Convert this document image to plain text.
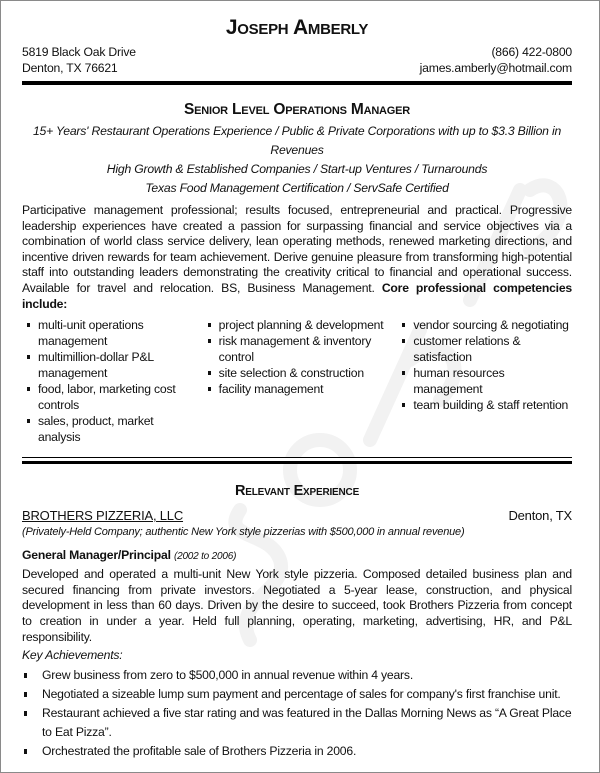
Joseph Amberly
5819 Black Oak Drive
Denton, TX 76621
(866) 422-0800
james.amberly@hotmail.com
Senior Level Operations Manager
15+ Years' Restaurant Operations Experience / Public & Private Corporations with up to $3.3 Billion in Revenues
High Growth & Established Companies / Start-up Ventures / Turnarounds
Texas Food Management Certification / ServSafe Certified
Participative management professional; results focused, entrepreneurial and practical. Progressive leadership experiences have created a passion for surpassing financial and service objectives via a combination of world class service delivery, lean operating methods, renewed marketing directions, and incentive driven rewards for team achievement. Derive genuine pleasure from transforming high-potential staff into outstanding leaders demonstrating the creativity critical to financial and operational success. Available for travel and relocation. BS, Business Management. Core professional competencies include:
multi-unit operations management
multimillion-dollar P&L management
food, labor, marketing cost controls
sales, product, market analysis
project planning & development
risk management & inventory control
site selection & construction
facility management
vendor sourcing & negotiating
customer relations & satisfaction
human resources management
team building & staff retention
Relevant Experience
BROTHERS PIZZERIA, LLC	Denton, TX
(Privately-Held Company; authentic New York style pizzerias with $500,000 in annual revenue)
General Manager/Principal (2002 to 2006)
Developed and operated a multi-unit New York style pizzeria. Composed detailed business plan and secured financing from private investors. Negotiated a 5-year lease, construction, and physical development in less than 60 days. Driven by the desire to succeed, took Brothers Pizzeria from concept to creation in under a year. Held full planning, operating, marketing, advertising, HR, and P&L responsibility.
Key Achievements:
Grew business from zero to $500,000 in annual revenue within 4 years.
Negotiated a sizeable lump sum payment and percentage of sales for company's first franchise unit.
Restaurant achieved a five star rating and was featured in the Dallas Morning News as “A Great Place to Eat Pizza”.
Orchestrated the profitable sale of Brothers Pizzeria in 2006.
